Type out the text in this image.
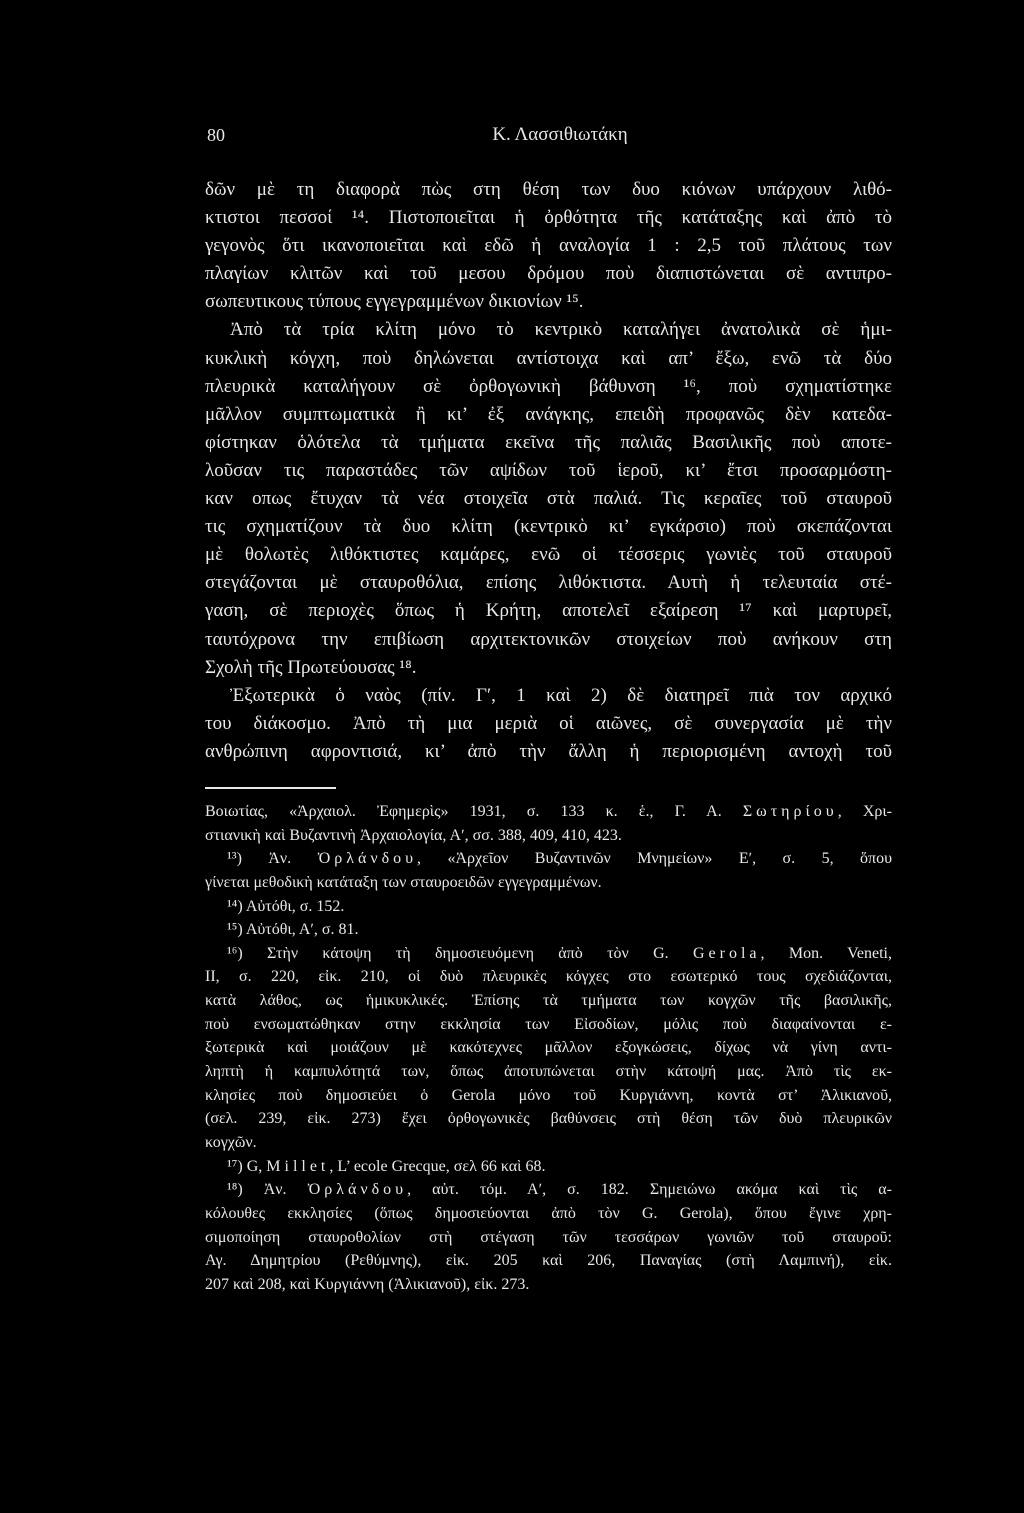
80	Κ. Λασσιθιωτάκη
δῶν μὲ τη διαφορὰ πὼς στη θέση των δυο κιόνων υπάρχουν λιθό-
κτιστοι πεσσοί ¹⁴. Πιστοποιεῖται ἡ ὀρθότητα τῆς κατάταξης καὶ ἀπὸ τὸ
γεγονὸς ὅτι ικανοποιεῖται καὶ εδῶ ἡ αναλογία 1 : 2,5 τοῦ πλάτους των
πλαγίων κλιτῶν καὶ τοῦ μεσου δρόμου ποὺ διαπιστώνεται σὲ αντιπρο-
σωπευτικους τύπους εγγεγραμμένων δικιονίων ¹⁵.
Ἀπὸ τὰ τρία κλίτη μόνο τὸ κεντρικὸ καταλήγει ἀνατολικὰ σὲ ἡμι-
κυκλικὴ κόγχη, ποὺ δηλώνεται αντίστοιχα καὶ απ’ ἔξω, ενῶ τὰ δύο
πλευρικὰ καταλήγουν σὲ ὀρθογωνικὴ βάθυνση ¹⁶, ποὺ σχηματίστηκε
μᾶλλον συμπτωματικὰ ἢ κι’ ἐξ ανάγκης, επειδὴ προφανῶς δὲν κατεδα-
φίστηκαν ὁλότελα τὰ τμήματα εκεῖνα τῆς παλιᾶς Βασιλικῆς ποὺ αποτε-
λοῦσαν τις παραστάδες τῶν αψίδων τοῦ ἱεροῦ, κι’ ἔτσι προσαρμόστη-
καν οπως ἔτυχαν τὰ νέα στοιχεῖα στὰ παλιά. Τις κεραῖες τοῦ σταυροῦ
τις σχηματίζουν τὰ δυο κλίτη (κεντρικὸ κι’ εγκάρσιο) ποὺ σκεπάζονται
μὲ θολωτὲς λιθόκτιστες καμάρες, ενῶ οἱ τέσσερις γωνιὲς τοῦ σταυροῦ
στεγάζονται μὲ σταυροθόλια, επίσης λιθόκτιστα. Αυτὴ ἡ τελευταία στέ-
γαση, σὲ περιοχὲς ὅπως ἡ Κρήτη, αποτελεῖ εξαίρεση ¹⁷ καὶ μαρτυρεῖ,
ταυτόχρονα την επιβίωση αρχιτεκτονικῶν στοιχείων ποὺ ανήκουν στη
Σχολὴ τῆς Πρωτεύουσας ¹⁸.
Ἐξωτερικὰ ὁ ναὸς (πίν. Γʹ, 1 καὶ 2) δὲ διατηρεῖ πιὰ τον αρχικό
του διάκοσμο. Ἀπὸ τὴ μια μεριὰ οἱ αιῶνες, σὲ συνεργασία μὲ τὴν
ανθρώπινη αφροντισιά, κι’ ἀπὸ τὴν ἄλλη ἡ περιορισμένη αντοχὴ τοῦ
Βοιωτίας, «Ἀρχαιολ. Ἐφημερὶς» 1931, σ. 133 κ. ἑ., Γ. Α. Σωτηρίου, Χρι-
στιανικὴ καὶ Βυζαντινὴ Ἀρχαιολογία, Αʹ, σσ. 388, 409, 410, 423.
¹³) Ἀν. Ὀρλάνδου, «Ἀρχεῖον Βυζαντινῶν Μνημείων» Εʹ, σ. 5, ὅπου
γίνεται μεθοδικὴ κατάταξη των σταυροειδῶν εγγεγραμμένων.
¹⁴) Αὐτόθι, σ. 152.
¹⁵) Αὐτόθι, Αʹ, σ. 81.
¹⁶) Στὴν κάτοψη τὴ δημοσιευόμενη ἀπὸ τὸν G. Gerola, Mon. Veneti,
II, σ. 220, εἰκ. 210, οἱ δυὸ πλευρικὲς κόγχες στο εσωτερικό τους σχεδιάζονται,
κατὰ λάθος, ως ἡμικυκλικές. Ἐπίσης τὰ τμήματα των κογχῶν τῆς βασιλικῆς,
ποὺ ενσωματώθηκαν στην εκκλησία των Εἰσοδίων, μόλις ποὺ διαφαίνονται ε-
ξωτερικὰ καὶ μοιάζουν μὲ κακότεχνες μᾶλλον εξογκώσεις, δίχως νὰ γίνη αντι-
ληπτὴ ἡ καμπυλότητά των, ὅπως ἀποτυπώνεται στὴν κάτοψή μας. Ἀπὸ τὶς εκ-
κλησίες ποὺ δημοσιεύει ὁ Gerola μόνο τοῦ Κυργιάννη, κοντὰ στ’ Ἀλικιανοῦ,
(σελ. 239, εἰκ. 273) ἔχει ὀρθογωνικὲς βαθύνσεις στὴ θέση τῶν δυὸ πλευρικῶν
κογχῶν.
¹⁷) G, Millet, L’ ecole Grecque, σελ 66 καὶ 68.
¹⁸) Ἀν. Ὀρλάνδου, αὐτ. τόμ. Αʹ, σ. 182. Σημειώνω ακόμα καὶ τὶς α-
κόλουθες εκκλησίες (ὅπως δημοσιεύονται ἀπὸ τὸν G. Gerola), ὅπου ἔγινε χρη-
σιμοποίηση σταυροθολίων στὴ στέγαση τῶν τεσσάρων γωνιῶν τοῦ σταυροῦ:
Αγ. Δημητρίου (Ρεθύμνης), εἰκ. 205 καὶ 206, Παναγίας (στὴ Λαμπινή), εἰκ.
207 καὶ 208, καὶ Κυργιάννη (Ἀλικιανοῦ), εἰκ. 273.
